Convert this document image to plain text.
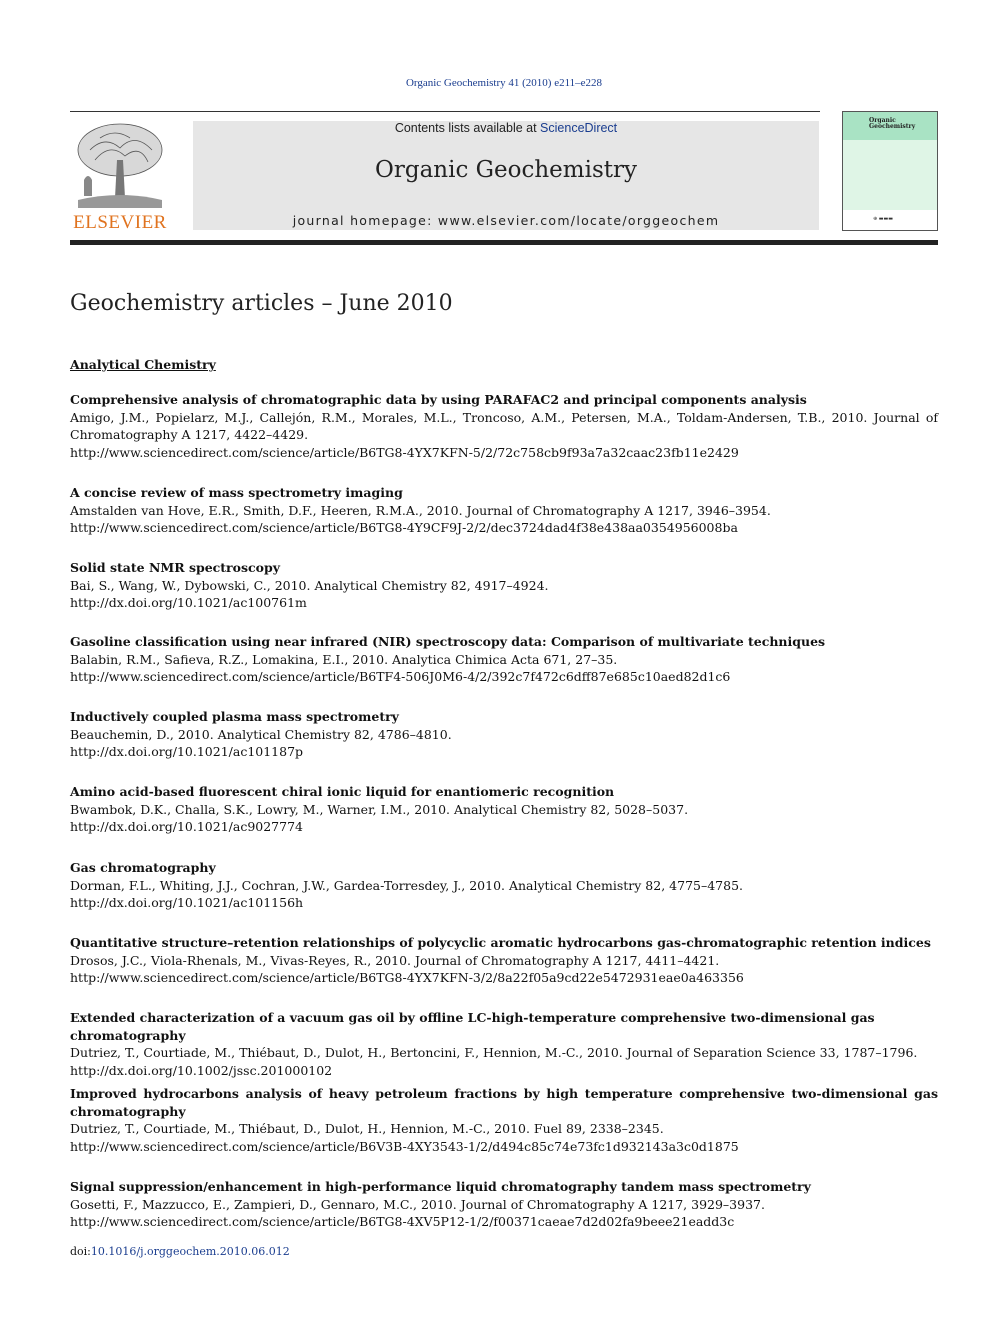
Organic Geochemistry 41 (2010) e211–e228
ELSEVIER
Contents lists available at ScienceDirect
Organic Geochemistry
journal homepage: www.elsevier.com/locate/orggeochem
Organic Geochemistry
⊕ ▬▬▬
Geochemistry articles – June 2010
Analytical Chemistry
Comprehensive analysis of chromatographic data by using PARAFAC2 and principal components analysis
Amigo, J.M., Popielarz, M.J., Callejón, R.M., Morales, M.L., Troncoso, A.M., Petersen, M.A., Toldam-Andersen, T.B., 2010. Journal of Chromatography A 1217, 4422–4429.
http://www.sciencedirect.com/science/article/B6TG8-4YX7KFN-5/2/72c758cb9f93a7a32caac23fb11e2429
A concise review of mass spectrometry imaging
Amstalden van Hove, E.R., Smith, D.F., Heeren, R.M.A., 2010. Journal of Chromatography A 1217, 3946–3954.
http://www.sciencedirect.com/science/article/B6TG8-4Y9CF9J-2/2/dec3724dad4f38e438aa0354956008ba
Solid state NMR spectroscopy
Bai, S., Wang, W., Dybowski, C., 2010. Analytical Chemistry 82, 4917–4924.
http://dx.doi.org/10.1021/ac100761m
Gasoline classification using near infrared (NIR) spectroscopy data: Comparison of multivariate techniques
Balabin, R.M., Safieva, R.Z., Lomakina, E.I., 2010. Analytica Chimica Acta 671, 27–35.
http://www.sciencedirect.com/science/article/B6TF4-506J0M6-4/2/392c7f472c6dff87e685c10aed82d1c6
Inductively coupled plasma mass spectrometry
Beauchemin, D., 2010. Analytical Chemistry 82, 4786–4810.
http://dx.doi.org/10.1021/ac101187p
Amino acid-based fluorescent chiral ionic liquid for enantiomeric recognition
Bwambok, D.K., Challa, S.K., Lowry, M., Warner, I.M., 2010. Analytical Chemistry 82, 5028–5037.
http://dx.doi.org/10.1021/ac9027774
Gas chromatography
Dorman, F.L., Whiting, J.J., Cochran, J.W., Gardea-Torresdey, J., 2010. Analytical Chemistry 82, 4775–4785.
http://dx.doi.org/10.1021/ac101156h
Quantitative structure–retention relationships of polycyclic aromatic hydrocarbons gas-chromatographic retention indices
Drosos, J.C., Viola-Rhenals, M., Vivas-Reyes, R., 2010. Journal of Chromatography A 1217, 4411–4421.
http://www.sciencedirect.com/science/article/B6TG8-4YX7KFN-3/2/8a22f05a9cd22e5472931eae0a463356
Extended characterization of a vacuum gas oil by offline LC-high-temperature comprehensive two-dimensional gas chromatography
Dutriez, T., Courtiade, M., Thiébaut, D., Dulot, H., Bertoncini, F., Hennion, M.-C., 2010. Journal of Separation Science 33, 1787–1796.
http://dx.doi.org/10.1002/jssc.201000102
Improved hydrocarbons analysis of heavy petroleum fractions by high temperature comprehensive two-dimensional gas chromatography
Dutriez, T., Courtiade, M., Thiébaut, D., Dulot, H., Hennion, M.-C., 2010. Fuel 89, 2338–2345.
http://www.sciencedirect.com/science/article/B6V3B-4XY3543-1/2/d494c85c74e73fc1d932143a3c0d1875
Signal suppression/enhancement in high-performance liquid chromatography tandem mass spectrometry
Gosetti, F., Mazzucco, E., Zampieri, D., Gennaro, M.C., 2010. Journal of Chromatography A 1217, 3929–3937.
http://www.sciencedirect.com/science/article/B6TG8-4XV5P12-1/2/f00371caeae7d2d02fa9beee21eadd3c
doi:10.1016/j.orggeochem.2010.06.012
